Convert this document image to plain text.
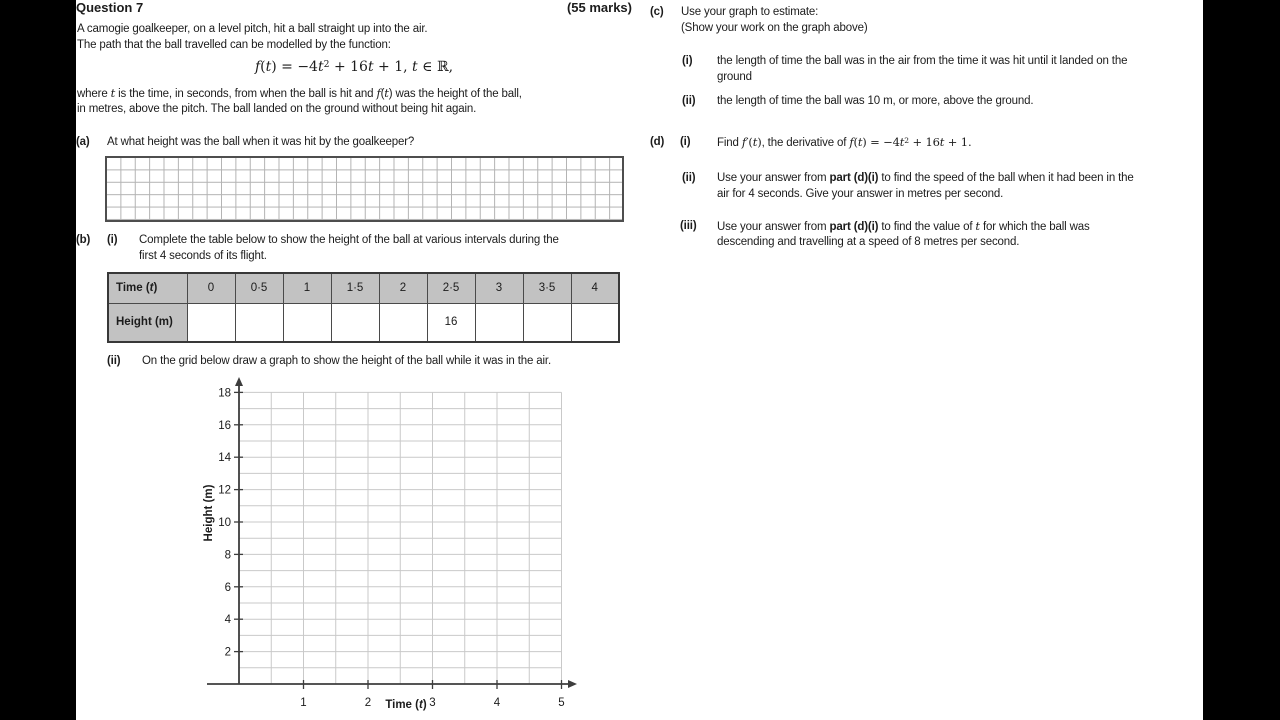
Question 7	(55 marks)
A camogie goalkeeper, on a level pitch, hit a ball straight up into the air.
The path that the ball travelled can be modelled by the function:
$f(t) = -4t^2 + 16t + 1$, t ∈ ℝ,
where t is the time, in seconds, from when the ball is hit and f(t) was the height of the ball,
in metres, above the pitch. The ball landed on the ground without being hit again.
(a) At what height was the ball when it was hit by the goalkeeper?
(b) (i) Complete the table below to show the height of the ball at various intervals during the
first 4 seconds of its flight.
Time (t)	0	0·5	1	1·5	2	2·5	3	3·5	4
Height (m)						16			
(ii) On the grid below draw a graph to show the height of the ball while it was in the air.
2
4
6
8
10
12
14
16
18
1	2	3	4	5
Height (m)
Time (t)
(c) Use your graph to estimate:
(Show your work on the graph above)
(i) the length of time the ball was in the air from the time it was hit until it landed on the
ground
(ii) the length of time the ball was 10 m, or more, above the ground.
(d) (i) Find f′(t), the derivative of $f(t) = -4t^2 + 16t + 1$.
(ii) Use your answer from part (d)(i) to find the speed of the ball when it had been in the
air for 4 seconds. Give your answer in metres per second.
(iii) Use your answer from part (d)(i) to find the value of t for which the ball was
descending and travelling at a speed of 8 metres per second.
